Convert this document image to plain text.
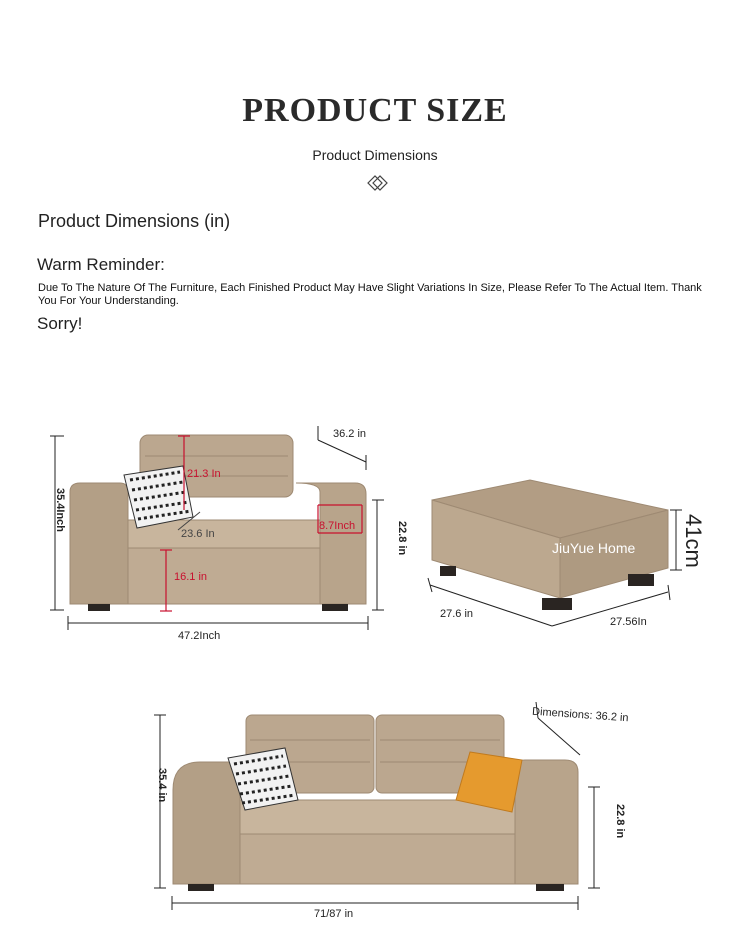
PRODUCT SIZE
Product Dimensions
Product Dimensions (in)
Warm Reminder:
Due To The Nature Of The Furniture, Each Finished Product May Have Slight Variations In Size, Please Refer To The Actual Item. Thank You For Your Understanding.
Sorry!
36.2 in
35.4Inch
21.3 In
8.7Inch
23.6 In
16.1 in
22.8 in
47.2Inch
JiuYue Home 41cm
27.6 in
27.56In
Dimensions: 36.2 in
35.4 in
22.8 in
71/87 in
